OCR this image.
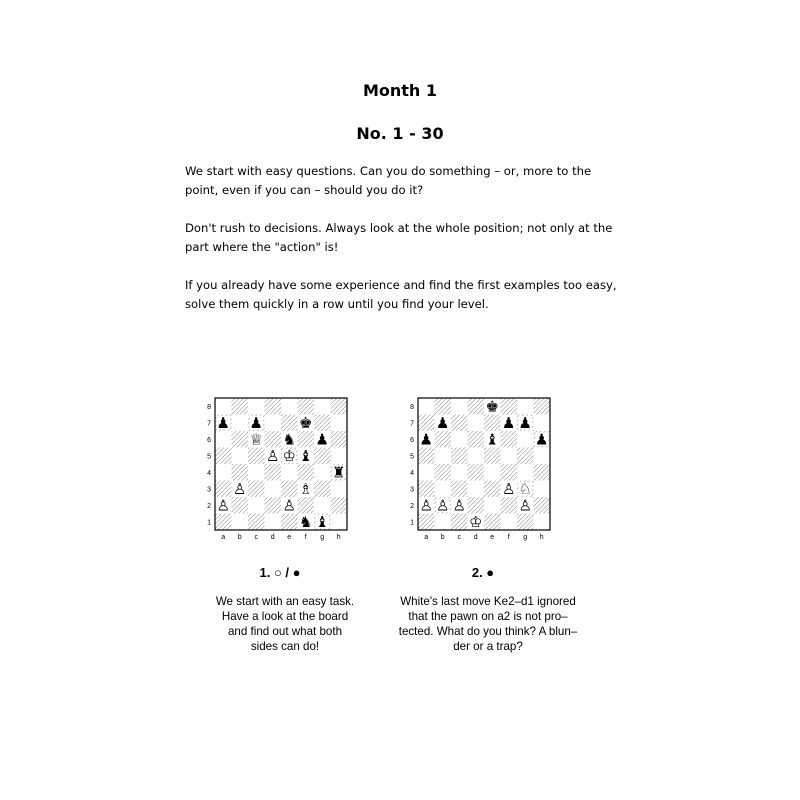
Month 1
No. 1 - 30

We start with easy questions. Can you do something – or, more to the point, even if you can – should you do it?

Don't rush to decisions. Always look at the whole position; not only at the part where the "action" is!

If you already have some experience and find the first examples too easy, solve them quickly in a row until you find your level.

8
7
6
5
4
3
2
1
a b c d e f g h
♟ ♟ ♚
♕ ♞ ♟
♙ ♔ ♝
♜
♙	♗
♙	♙
♞ ♝
1. ○ / ●
We start with an easy task.
Have a look at the board
and find out what both
sides can do!
8
7
6
5
4
3
2
1
a b c d e f g h
♚
♟	♟ ♟
♟	♝ ♟
♙ ♘
♙ ♙ ♙	♙
♔
2. ●
White's last move Ke2–d1 ignored
that the pawn on a2 is not pro–
tected. What do you think? A blun–
der or a trap?
